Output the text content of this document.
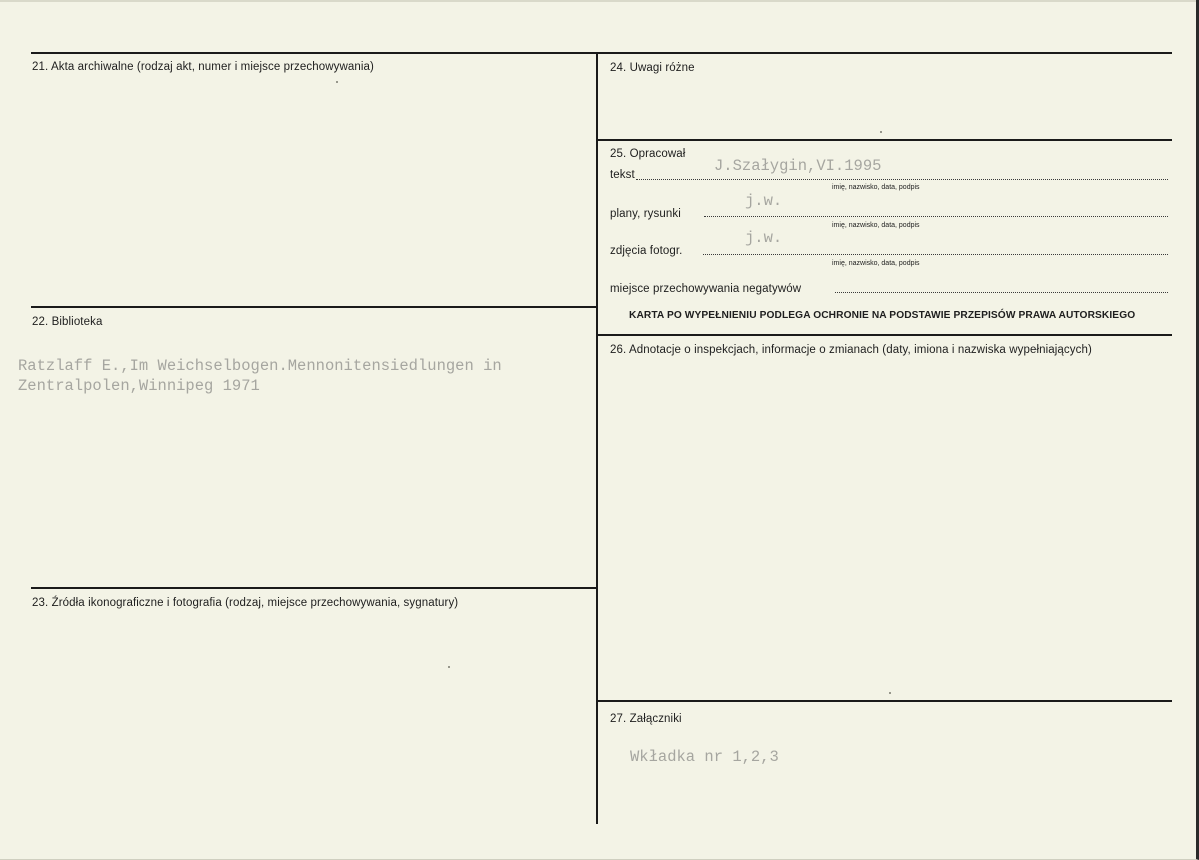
21. Akta archiwalne (rodzaj akt, numer i miejsce przechowywania)
22. Biblioteka
Ratzlaff E.,Im Weichselbogen.Mennonitensiedlungen in
Zentralpolen,Winnipeg 1971
23. Źródła ikonograficzne i fotografia (rodzaj, miejsce przechowywania, sygnatury)
24. Uwagi różne
25. Opracował
tekst	J.Szałygin,VI.1995
imię, nazwisko, data, podpis
plany, rysunki
j.w.
imię, nazwisko, data, podpis
zdjęcia fotogr.
j.w.
imię, nazwisko, data, podpis
miejsce przechowywania negatywów
KARTA PO WYPEŁNIENIU PODLEGA OCHRONIE NA PODSTAWIE PRZEPISÓW PRAWA AUTORSKIEGO
26. Adnotacje o inspekcjach, informacje o zmianach (daty, imiona i nazwiska wypełniających)
27. Załączniki
Wkładka nr 1,2,3
